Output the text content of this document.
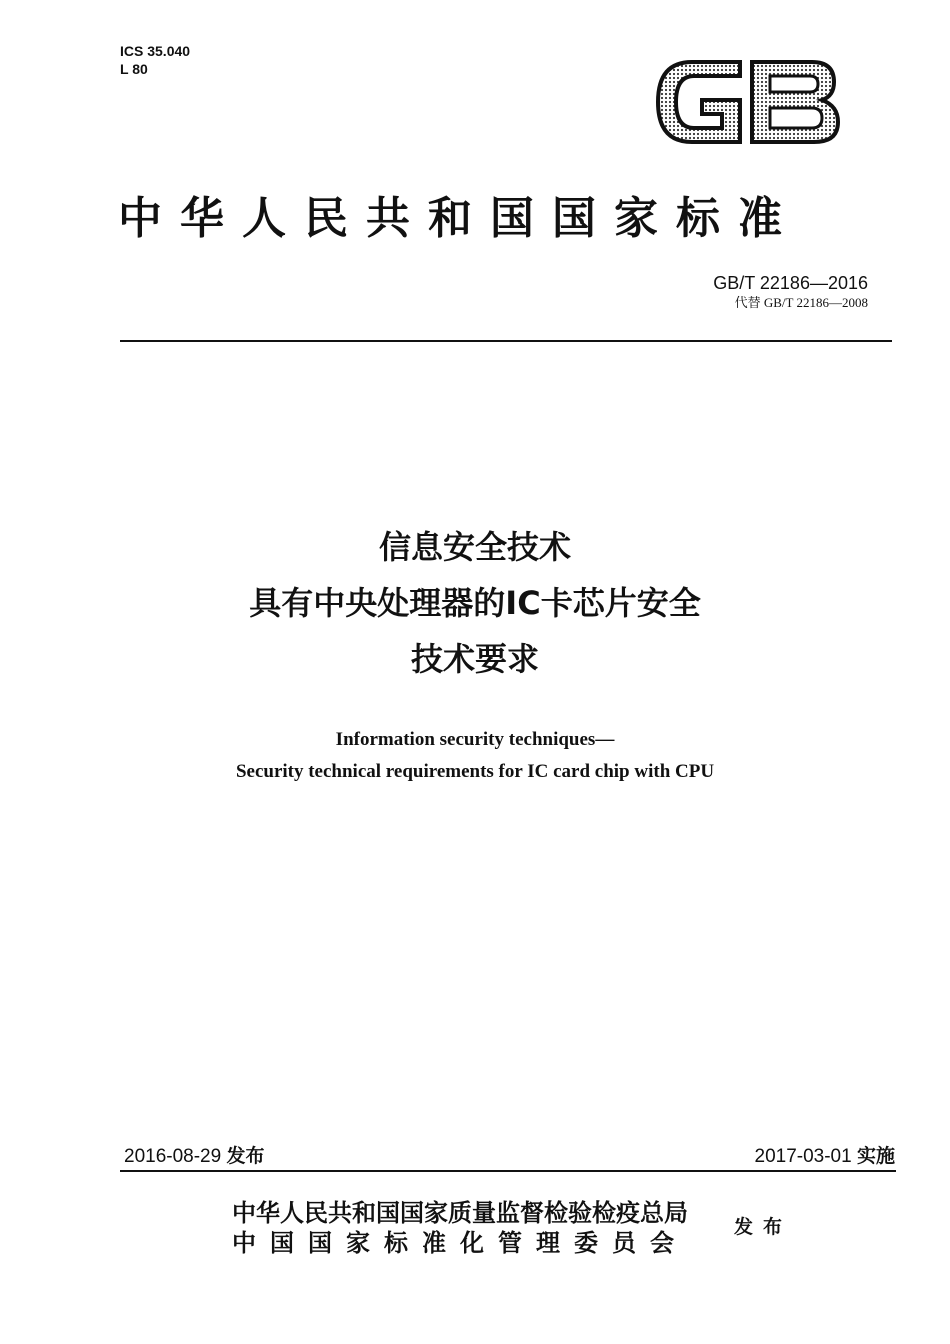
ICS 35.040
L 80
中华人民共和国国家标准
GB/T 22186—2016
代替 GB/T 22186—2008
信息安全技术
具有中央处理器的IC卡芯片安全
技术要求
Information security techniques—
Security technical requirements for IC card chip with CPU
2016-08-29 发布	2017-03-01 实施
中华人民共和国国家质量监督检验检疫总局
中国国家标准化管理委员会
发布
